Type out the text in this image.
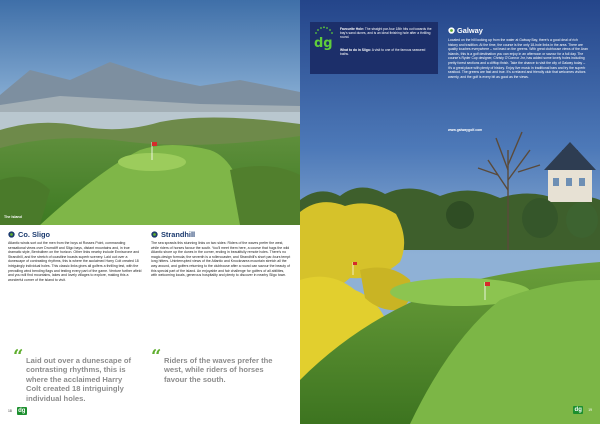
The Island
Co. Sligo

Atlantic winds sort out the men from the boys at Rosses Point, commanding sensational views over Drumcliff and Sligo bays, distant mountains and, in true dramatic style, Benbulben on the horizon. Other links nearby include Enniscrone and Strandhill, and the stretch of coastline boasts superb scenery. Laid out over a dunescape of contrasting rhythms, this is where the acclaimed Harry Colt created 18 intriguingly individual holes. This classic links gives all golfers a thrilling test, with the prevailing wind bending flags and testing every part of the game. Venture further afield and you will find mountains, lakes and lovely villages to explore, making this a wonderful corner of the island to visit.

Strandhill

The sea sprawls this stunning links on two sides: Riders of the waves prefer the west, while riders of horses favour the south. You'll meet them here, a course that hugs the wild Atlantic shore up the dunes in the corner, ending in beautifully remote holes. There's no magic-design formula; the seventh is a rollercoaster, and Strandhill's short par-fours tempt long hitters. Uninterrupted views of the Atlantic and Knocknarea mountain stretch all the way around, and golfers returning to the clubhouse after a round can savour the beauty of this special part of the island. An enjoyable and fair challenge for golfers of all abilities, with welcoming locals, generous hospitality and plenty to discover in nearby Sligo town.

“ Laid out over a dunescape of contrasting rhythms, this is where the acclaimed Harry Colt created 18 intriguingly individual holes.
“ Riders of the waves prefer the west, while riders of horses favour the south.
18 dg
dg

Favourite Hole: The straight par-four 18th hits out towards the bay's sand dunes, and is an ideal finishing hole after a thrilling round.

What to do in Sligo: A visit to one of the famous seaweed baths.

Galway

Located on the hill looking up from the water at Galway Bay, there's a good deal of rich history and tradition. At the time, the course is the only 18-hole links in the area. There are quality touches everywhere – not least on the greens. With great clubhouse views of the Aran Islands, this is a golf destination you can enjoy in an afternoon or savour for a full day. The course's Ryder Cup designer, Christy O'Connor Jnr, has added some lovely holes including pretty forest sections and a clifftop finish. Take the chance to visit the city of Galway today – it's a great place with plenty of history. Enjoy live music in traditional bars and try the superb seafood. The greens are fast and true. It's a relaxed and friendly club that welcomes visitors warmly, and the golf is every bit as good as the views.

www.galwaygolf.com
dg	19
